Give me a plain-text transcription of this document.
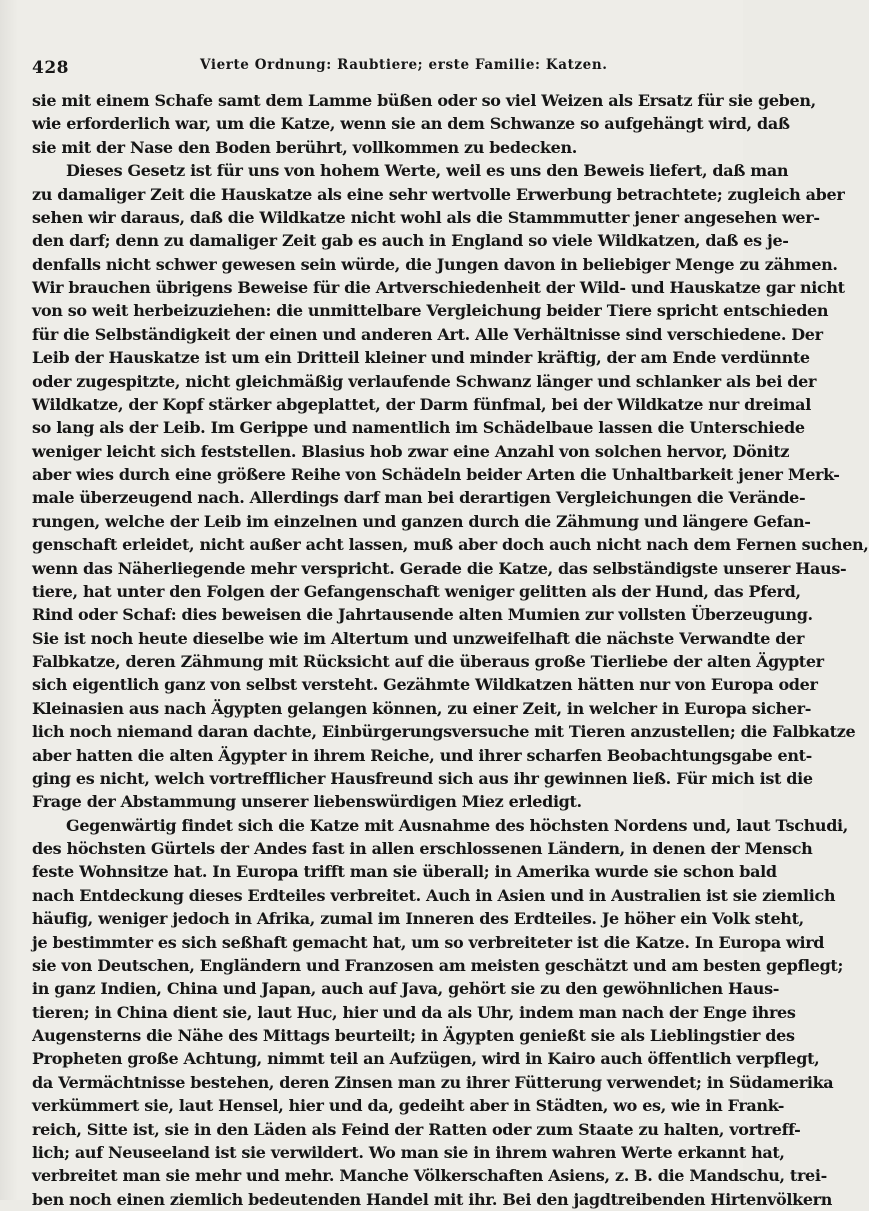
428	Vierte Ordnung: Raubtiere; erste Familie: Katzen.
sie mit einem Schafe samt dem Lamme büßen oder so viel Weizen als Ersatz für sie geben,
wie erforderlich war, um die Katze, wenn sie an dem Schwanze so aufgehängt wird, daß
sie mit der Nase den Boden berührt, vollkommen zu bedecken.
Dieses Gesetz ist für uns von hohem Werte, weil es uns den Beweis liefert, daß man
zu damaliger Zeit die Hauskatze als eine sehr wertvolle Erwerbung betrachtete; zugleich aber
sehen wir daraus, daß die Wildkatze nicht wohl als die Stammmutter jener angesehen wer-
den darf; denn zu damaliger Zeit gab es auch in England so viele Wildkatzen, daß es je-
denfalls nicht schwer gewesen sein würde, die Jungen davon in beliebiger Menge zu zähmen.
Wir brauchen übrigens Beweise für die Artverschiedenheit der Wild- und Hauskatze gar nicht
von so weit herbeizuziehen: die unmittelbare Vergleichung beider Tiere spricht entschieden
für die Selbständigkeit der einen und anderen Art. Alle Verhältnisse sind verschiedene. Der
Leib der Hauskatze ist um ein Dritteil kleiner und minder kräftig, der am Ende verdünnte
oder zugespitzte, nicht gleichmäßig verlaufende Schwanz länger und schlanker als bei der
Wildkatze, der Kopf stärker abgeplattet, der Darm fünfmal, bei der Wildkatze nur dreimal
so lang als der Leib. Im Gerippe und namentlich im Schädelbaue lassen die Unterschiede
weniger leicht sich feststellen. Blasius hob zwar eine Anzahl von solchen hervor, Dönitz
aber wies durch eine größere Reihe von Schädeln beider Arten die Unhaltbarkeit jener Merk-
male überzeugend nach. Allerdings darf man bei derartigen Vergleichungen die Verände-
rungen, welche der Leib im einzelnen und ganzen durch die Zähmung und längere Gefan-
genschaft erleidet, nicht außer acht lassen, muß aber doch auch nicht nach dem Fernen suchen,
wenn das Näherliegende mehr verspricht. Gerade die Katze, das selbständigste unserer Haus-
tiere, hat unter den Folgen der Gefangenschaft weniger gelitten als der Hund, das Pferd,
Rind oder Schaf: dies beweisen die Jahrtausende alten Mumien zur vollsten Überzeugung.
Sie ist noch heute dieselbe wie im Altertum und unzweifelhaft die nächste Verwandte der
Falbkatze, deren Zähmung mit Rücksicht auf die überaus große Tierliebe der alten Ägypter
sich eigentlich ganz von selbst versteht. Gezähmte Wildkatzen hätten nur von Europa oder
Kleinasien aus nach Ägypten gelangen können, zu einer Zeit, in welcher in Europa sicher-
lich noch niemand daran dachte, Einbürgerungsversuche mit Tieren anzustellen; die Falbkatze
aber hatten die alten Ägypter in ihrem Reiche, und ihrer scharfen Beobachtungsgabe ent-
ging es nicht, welch vortrefflicher Hausfreund sich aus ihr gewinnen ließ. Für mich ist die
Frage der Abstammung unserer liebenswürdigen Miez erledigt.
Gegenwärtig findet sich die Katze mit Ausnahme des höchsten Nordens und, laut Tschudi,
des höchsten Gürtels der Andes fast in allen erschlossenen Ländern, in denen der Mensch
feste Wohnsitze hat. In Europa trifft man sie überall; in Amerika wurde sie schon bald
nach Entdeckung dieses Erdteiles verbreitet. Auch in Asien und in Australien ist sie ziemlich
häufig, weniger jedoch in Afrika, zumal im Inneren des Erdteiles. Je höher ein Volk steht,
je bestimmter es sich seßhaft gemacht hat, um so verbreiteter ist die Katze. In Europa wird
sie von Deutschen, Engländern und Franzosen am meisten geschätzt und am besten gepflegt;
in ganz Indien, China und Japan, auch auf Java, gehört sie zu den gewöhnlichen Haus-
tieren; in China dient sie, laut Huc, hier und da als Uhr, indem man nach der Enge ihres
Augensterns die Nähe des Mittags beurteilt; in Ägypten genießt sie als Lieblingstier des
Propheten große Achtung, nimmt teil an Aufzügen, wird in Kairo auch öffentlich verpflegt,
da Vermächtnisse bestehen, deren Zinsen man zu ihrer Fütterung verwendet; in Südamerika
verkümmert sie, laut Hensel, hier und da, gedeiht aber in Städten, wo es, wie in Frank-
reich, Sitte ist, sie in den Läden als Feind der Ratten oder zum Staate zu halten, vortreff-
lich; auf Neuseeland ist sie verwildert. Wo man sie in ihrem wahren Werte erkannt hat,
verbreitet man sie mehr und mehr. Manche Völkerschaften Asiens, z. B. die Mandschu, trei-
ben noch einen ziemlich bedeutenden Handel mit ihr. Bei den jagdtreibenden Hirtenvölkern
